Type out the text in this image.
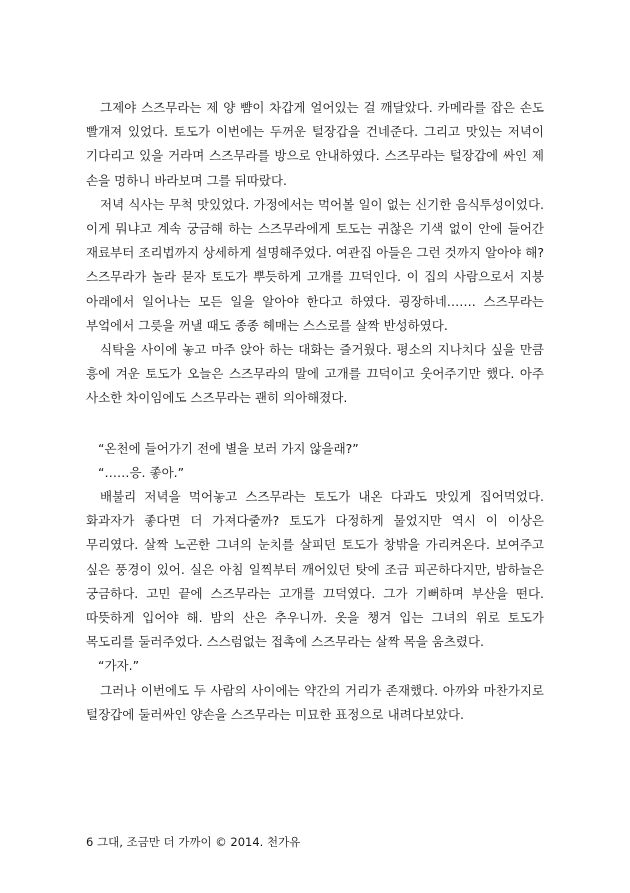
그제야 스즈무라는 제 양 뺨이 차갑게 얼어있는 걸 깨달았다. 카메라를 잡은 손도 빨개져 있었다. 토도가 이번에는 두꺼운 털장갑을 건네준다. 그리고 맛있는 저녁이 기다리고 있을 거라며 스즈무라를 방으로 안내하였다. 스즈무라는 털장갑에 싸인 제 손을 멍하니 바라보며 그를 뒤따랐다.

저녁 식사는 무척 맛있었다. 가정에서는 먹어볼 일이 없는 신기한 음식투성이었다. 이게 뭐냐고 계속 궁금해 하는 스즈무라에게 토도는 귀찮은 기색 없이 안에 들어간 재료부터 조리법까지 상세하게 설명해주었다. 여관집 아들은 그런 것까지 알아야 해? 스즈무라가 놀라 묻자 토도가 뿌듯하게 고개를 끄덕인다. 이 집의 사람으로서 지붕 아래에서 일어나는 모든 일을 알아야 한다고 하였다. 굉장하네……. 스즈무라는 부엌에서 그릇을 꺼낼 때도 종종 헤매는 스스로를 살짝 반성하였다.

식탁을 사이에 놓고 마주 앉아 하는 대화는 즐거웠다. 평소의 지나치다 싶을 만큼 흥에 겨운 토도가 오늘은 스즈무라의 말에 고개를 끄덕이고 웃어주기만 했다. 아주 사소한 차이임에도 스즈무라는 괜히 의아해졌다.

“온천에 들어가기 전에 별을 보러 가지 않을래?”

“……응. 좋아.”

배불리 저녁을 먹어놓고 스즈무라는 토도가 내온 다과도 맛있게 집어먹었다. 화과자가 좋다면 더 가져다줄까? 토도가 다정하게 물었지만 역시 이 이상은 무리였다. 살짝 노곤한 그녀의 눈치를 살피던 토도가 창밖을 가리켜온다. 보여주고 싶은 풍경이 있어. 실은 아침 일찍부터 깨어있던 탓에 조금 피곤하다지만, 밤하늘은 궁금하다. 고민 끝에 스즈무라는 고개를 끄덕였다. 그가 기뻐하며 부산을 떤다. 따뜻하게 입어야 해. 밤의 산은 추우니까. 옷을 챙겨 입는 그녀의 위로 토도가 목도리를 둘러주었다. 스스럼없는 접촉에 스즈무라는 살짝 목을 움츠렸다.

“가자.”

그러나 이번에도 두 사람의 사이에는 약간의 거리가 존재했다. 아까와 마찬가지로 털장갑에 둘러싸인 양손을 스즈무라는 미묘한 표정으로 내려다보았다.

6 그대, 조금만 더 가까이 © 2014. 천가유
